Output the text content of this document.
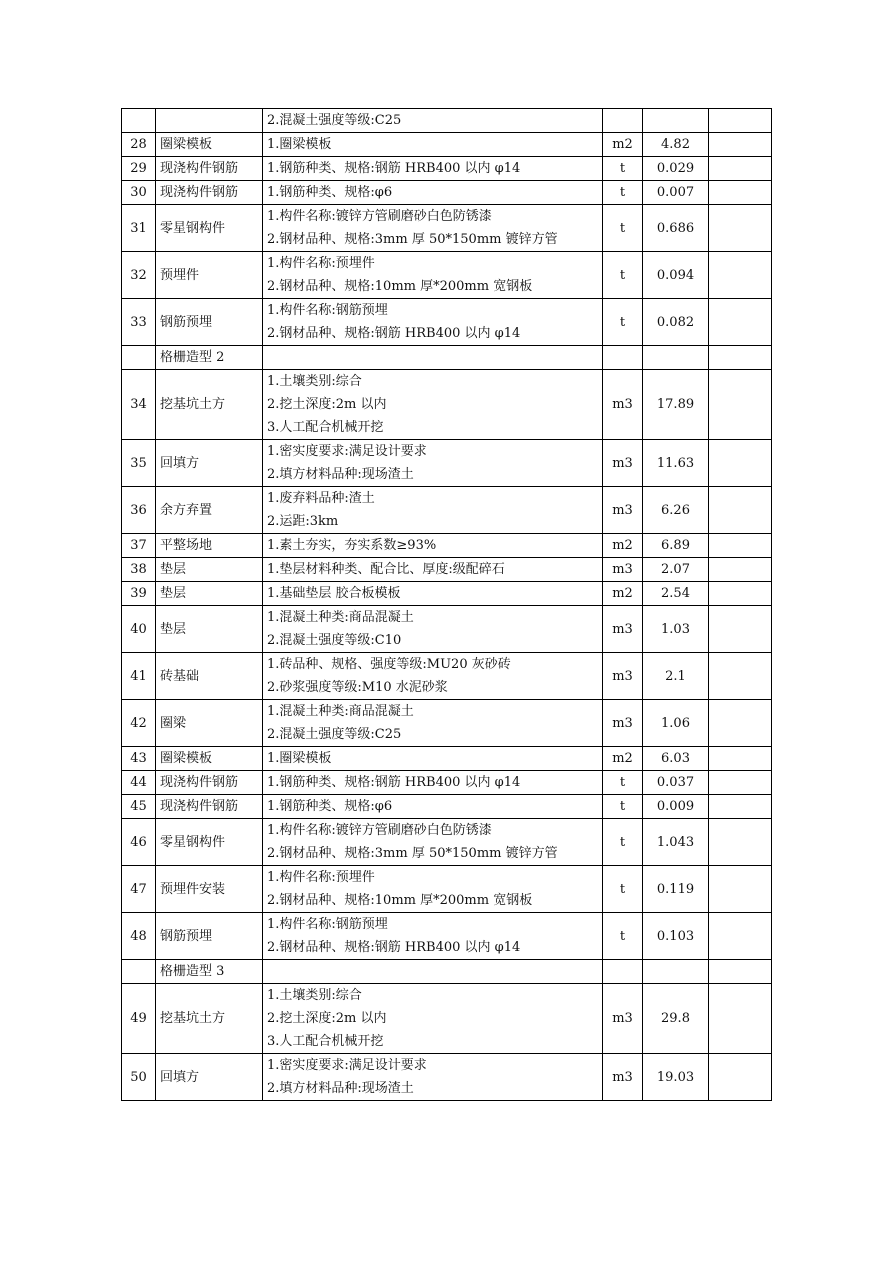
		2.混凝土强度等级:C25			

28	圈梁模板	1.圈梁模板	m2	4.82	
29	现浇构件钢筋	1.钢筋种类、规格:钢筋 HRB400 以内 φ14	t	0.029	
30	现浇构件钢筋	1.钢筋种类、规格:φ6	t	0.007	
31	零星钢构件	1.构件名称:镀锌方管刷磨砂白色防锈漆
2.钢材品种、规格:3mm 厚 50*150mm 镀锌方管	t	0.686	
32	预埋件	1.构件名称:预埋件
2.钢材品种、规格:10mm 厚*200mm 宽钢板	t	0.094	
33	钢筋预埋	1.构件名称:钢筋预埋
2.钢材品种、规格:钢筋 HRB400 以内 φ14	t	0.082	
	格栅造型 2	

34	挖基坑土方	1.土壤类别:综合
2.挖土深度:2m 以内
3.人工配合机械开挖	m3	17.89	
35	回填方	1.密实度要求:满足设计要求
2.填方材料品种:现场渣土	m3	11.63	
36	余方弃置	1.废弃料品种:渣土
2.运距:3km	m3	6.26	
37	平整场地	1.素土夯实，夯实系数≥93%	m2	6.89	
38	垫层	1.垫层材料种类、配合比、厚度:级配碎石	m3	2.07	
39	垫层	1.基础垫层 胶合板模板	m2	2.54	
40	垫层	1.混凝土种类:商品混凝土
2.混凝土强度等级:C10	m3	1.03	
41	砖基础	1.砖品种、规格、强度等级:MU20 灰砂砖
2.砂浆强度等级:M10 水泥砂浆	m3	2.1	
42	圈梁	1.混凝土种类:商品混凝土
2.混凝土强度等级:C25	m3	1.06	
43	圈梁模板	1.圈梁模板	m2	6.03	
44	现浇构件钢筋	1.钢筋种类、规格:钢筋 HRB400 以内 φ14	t	0.037	
45	现浇构件钢筋	1.钢筋种类、规格:φ6	t	0.009	
46	零星钢构件	1.构件名称:镀锌方管刷磨砂白色防锈漆
2.钢材品种、规格:3mm 厚 50*150mm 镀锌方管	t	1.043	
47	预埋件安装	1.构件名称:预埋件
2.钢材品种、规格:10mm 厚*200mm 宽钢板	t	0.119	
48	钢筋预埋	1.构件名称:钢筋预埋
2.钢材品种、规格:钢筋 HRB400 以内 φ14	t	0.103	
	格栅造型 3	

49	挖基坑土方	1.土壤类别:综合
2.挖土深度:2m 以内
3.人工配合机械开挖	m3	29.8	
50	回填方	1.密实度要求:满足设计要求
2.填方材料品种:现场渣土	m3	19.03	
